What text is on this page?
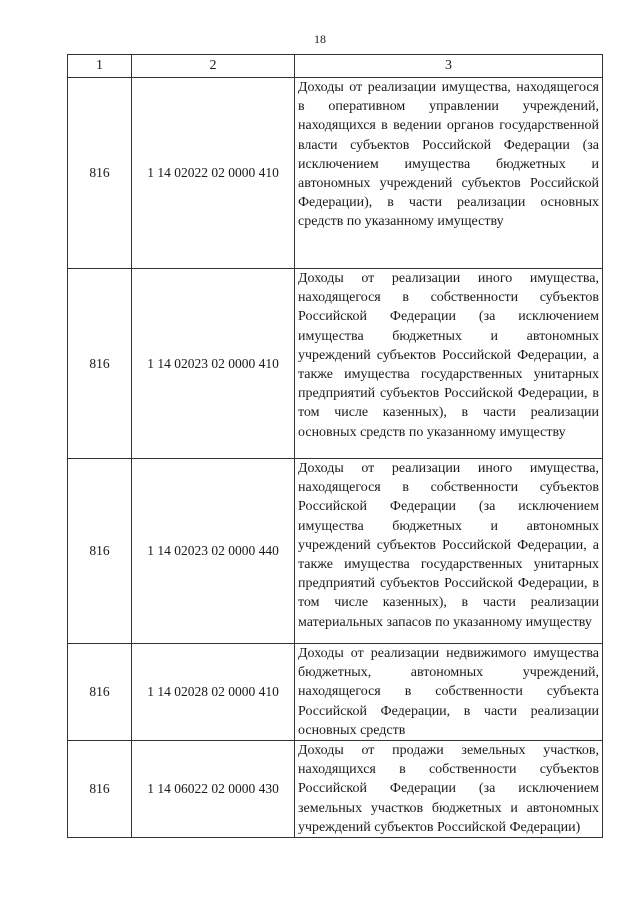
18
1	2	3
816	1 14 02022 02 0000 410	Доходы от реализации имущества, находящегося в оперативном управлении учреждений, находящихся в ведении органов государственной власти субъектов Российской Федерации (за исключением имущества бюджетных и автономных учреждений субъектов Российской Федерации), в части реализации основных средств по указанному имуществу
816	1 14 02023 02 0000 410	Доходы от реализации иного имущества, находящегося в собственности субъектов Российской Федерации (за исключением имущества бюджетных и автономных учреждений субъектов Российской Федерации, а также имущества государственных унитарных предприятий субъектов Российской Федерации, в том числе казенных), в части реализации основных средств по указанному имуществу
816	1 14 02023 02 0000 440	Доходы от реализации иного имущества, находящегося в собственности субъектов Российской Федерации (за исключением имущества бюджетных и автономных учреждений субъектов Российской Федерации, а также имущества государственных унитарных предприятий субъектов Российской Федерации, в том числе казенных), в части реализации материальных запасов по указанному имуществу
816	1 14 02028 02 0000 410	Доходы от реализации недвижимого имущества бюджетных, автономных учреждений, находящегося в собственности субъекта Российской Федерации, в части реализации основных средств
816	1 14 06022 02 0000 430	Доходы от продажи земельных участков, находящихся в собственности субъектов Российской Федерации (за исключением земельных участков бюджетных и автономных учреждений субъектов Российской Федерации)
